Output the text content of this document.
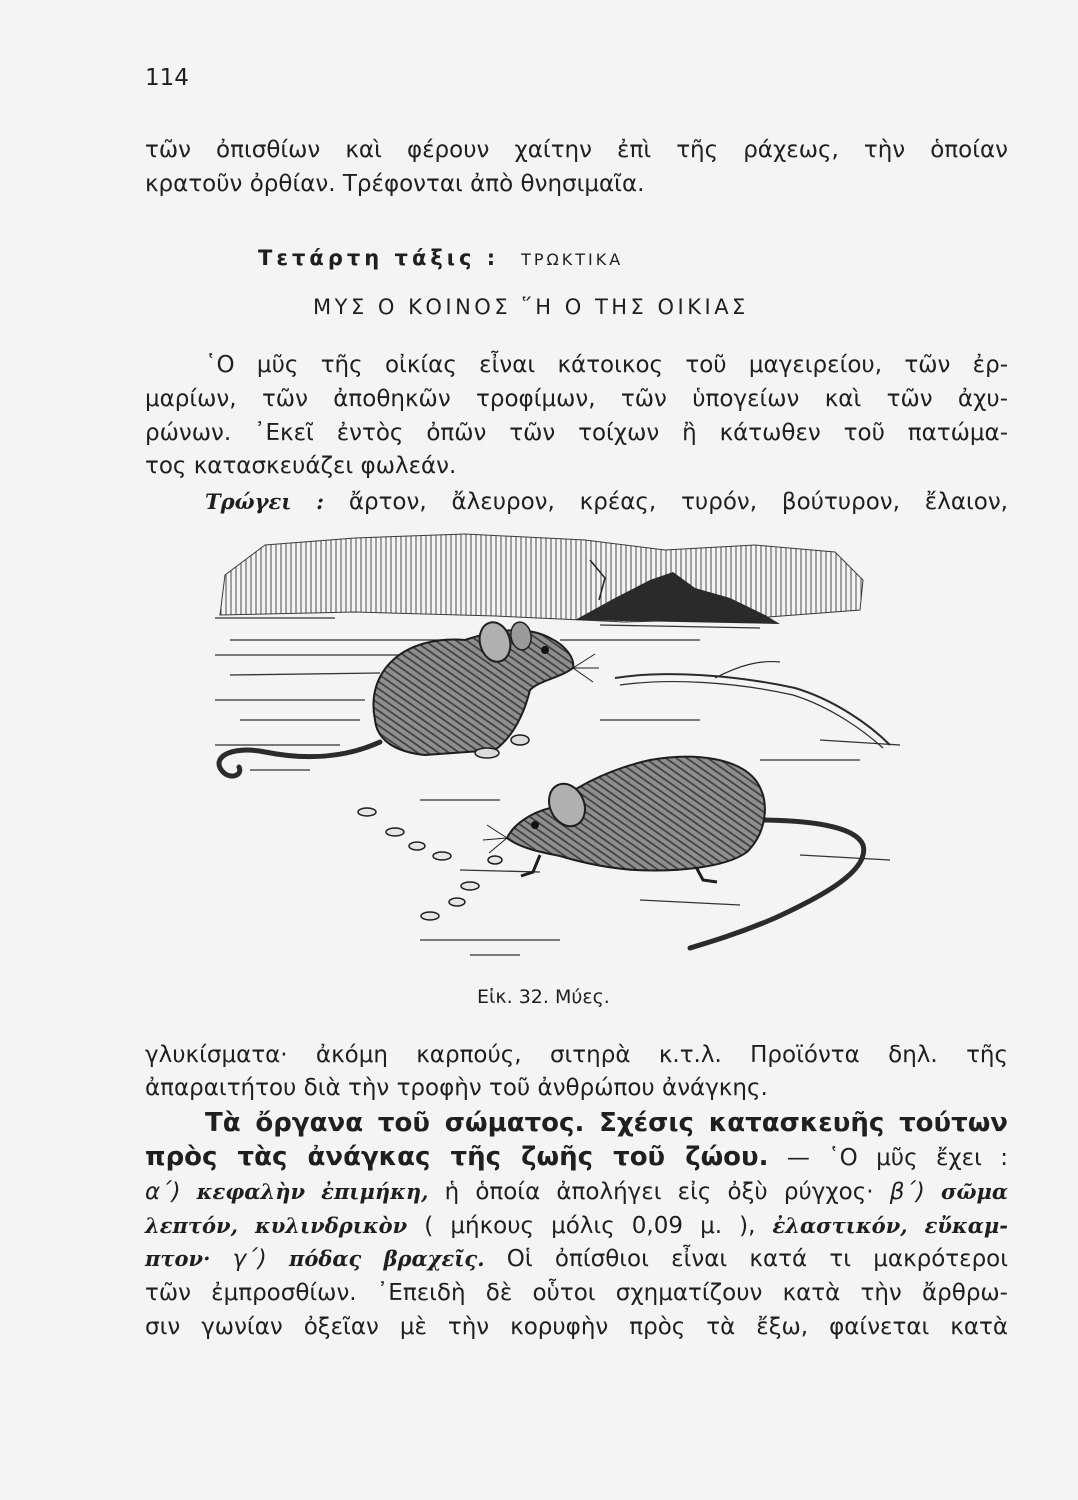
114
τῶν ὀπισθίων καὶ φέρουν χαίτην ἐπὶ τῆς ράχεως, τὴν ὁποίαν
κρατοῦν ὀρθίαν. Τρέφονται ἀπὸ θνησιμαῖα.
Τετάρτη τάξις : ΤΡΩΚΤΙΚΑ
ΜΥΣ Ο ΚΟΙΝΟΣ ῞Η Ο ΤΗΣ ΟΙΚΙΑΣ
῾Ο μῦς τῆς οἰκίας εἶναι κάτοικος τοῦ μαγειρείου, τῶν ἐρ-
μαρίων, τῶν ἀποθηκῶν τροφίμων, τῶν ὑπογείων καὶ τῶν ἀχυ-
ρώνων. ᾿Εκεῖ ἐντὸς ὀπῶν τῶν τοίχων ἢ κάτωθεν τοῦ πατώμα-
τος κατασκευάζει φωλεάν.
Τρώγει : ἄρτον, ἄλευρον, κρέας, τυρόν, βούτυρον, ἔλαιον,
Εἰκ. 32. Μύες.
γλυκίσματα· ἀκόμη καρπούς, σιτηρὰ κ.τ.λ. Προϊόντα δηλ. τῆς
ἀπαραιτήτου διὰ τὴν τροφὴν τοῦ ἀνθρώπου ἀνάγκης.
Τὰ ὄργανα τοῦ σώματος. Σχέσις κατασκευῆς τούτων
πρὸς τὰς ἀνάγκας τῆς ζωῆς τοῦ ζώου. — ῾Ο μῦς ἔχει :
α΄) κεφαλὴν ἐπιμήκη, ἡ ὁποία ἀπολήγει εἰς ὀξὺ ρύγχος· β΄) σῶμα
λεπτόν, κυλινδρικὸν ( μήκους μόλις 0,09 μ. ), ἐλαστικόν, εὔκαμ-
πτον· γ΄) πόδας βραχεῖς. Οἱ ὀπίσθιοι εἶναι κατά τι μακρότεροι
τῶν ἐμπροσθίων. ᾿Επειδὴ δὲ οὗτοι σχηματίζουν κατὰ τὴν ἄρθρω-
σιν γωνίαν ὀξεῖαν μὲ τὴν κορυφὴν πρὸς τὰ ἔξω, φαίνεται κατὰ
